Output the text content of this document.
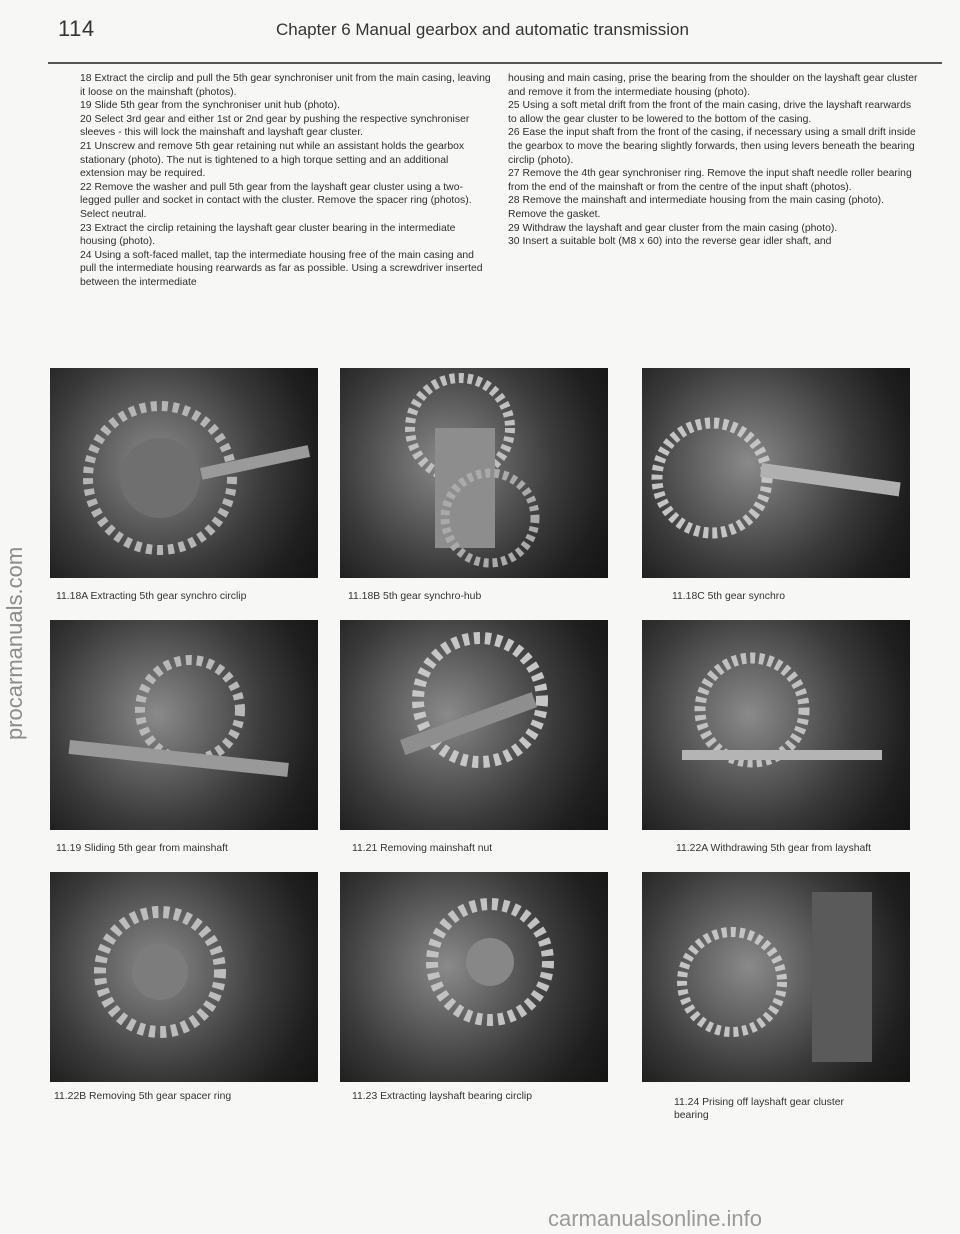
114	Chapter 6 Manual gearbox and automatic transmission

18 Extract the circlip and pull the 5th gear synchroniser unit from the main casing, leaving it loose on the mainshaft (photos).

19 Slide 5th gear from the synchroniser unit hub (photo).

20 Select 3rd gear and either 1st or 2nd gear by pushing the respective synchroniser sleeves - this will lock the mainshaft and layshaft gear cluster.

21 Unscrew and remove 5th gear retaining nut while an assistant holds the gearbox stationary (photo). The nut is tightened to a high torque setting and an additional extension may be required.

22 Remove the washer and pull 5th gear from the layshaft gear cluster using a two-legged puller and socket in contact with the cluster. Remove the spacer ring (photos). Select neutral.

23 Extract the circlip retaining the layshaft gear cluster bearing in the intermediate housing (photo).

24 Using a soft-faced mallet, tap the intermediate housing free of the main casing and pull the intermediate housing rearwards as far as possible. Using a screwdriver inserted between the intermediate

housing and main casing, prise the bearing from the shoulder on the layshaft gear cluster and remove it from the intermediate housing (photo).

25 Using a soft metal drift from the front of the main casing, drive the layshaft rearwards to allow the gear cluster to be lowered to the bottom of the casing.

26 Ease the input shaft from the front of the casing, if necessary using a small drift inside the gearbox to move the bearing slightly forwards, then using levers beneath the bearing circlip (photo).

27 Remove the 4th gear synchroniser ring. Remove the input shaft needle roller bearing from the end of the mainshaft or from the centre of the input shaft (photos).

28 Remove the mainshaft and intermediate housing from the main casing (photo). Remove the gasket.

29 Withdraw the layshaft and gear cluster from the main casing (photo).

30 Insert a suitable bolt (M8 x 60) into the reverse gear idler shaft, and

11.18A Extracting 5th gear synchro circlip	11.18B 5th gear synchro-hub	11.18C 5th gear synchro
11.19 Sliding 5th gear from mainshaft	11.21 Removing mainshaft nut	11.22A Withdrawing 5th gear from layshaft
11.22B Removing 5th gear spacer ring	11.23 Extracting layshaft bearing circlip
11.24 Prising off layshaft gear cluster bearing
procarmanuals.com
carmanualsonline.info
